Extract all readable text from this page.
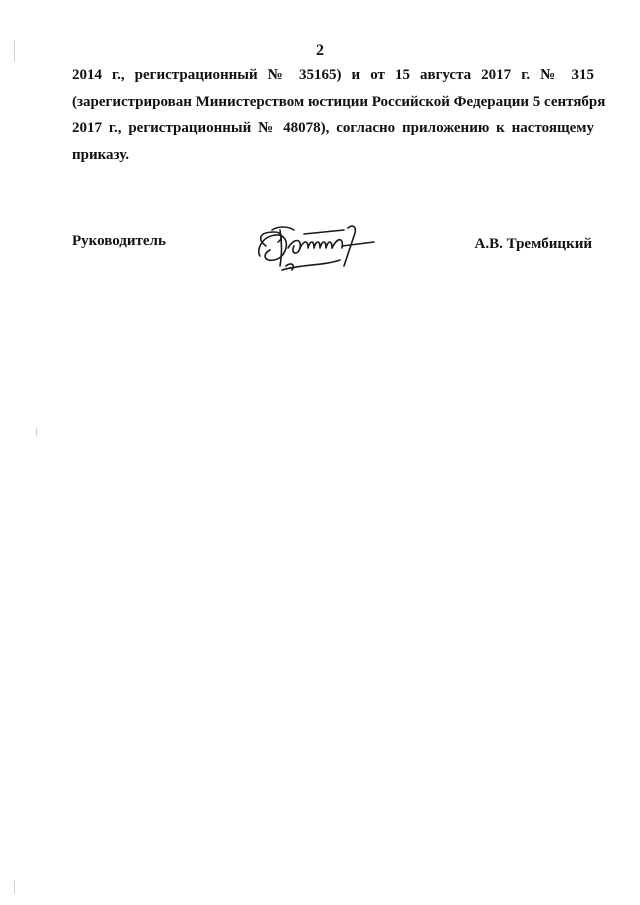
2
2014 г., регистрационный № 35165) и от 15 августа 2017 г. № 315
(зарегистрирован Министерством юстиции Российской Федерации 5 сентября
2017 г., регистрационный № 48078), согласно приложению к настоящему
приказу.
Руководитель	А.В. Трембицкий
